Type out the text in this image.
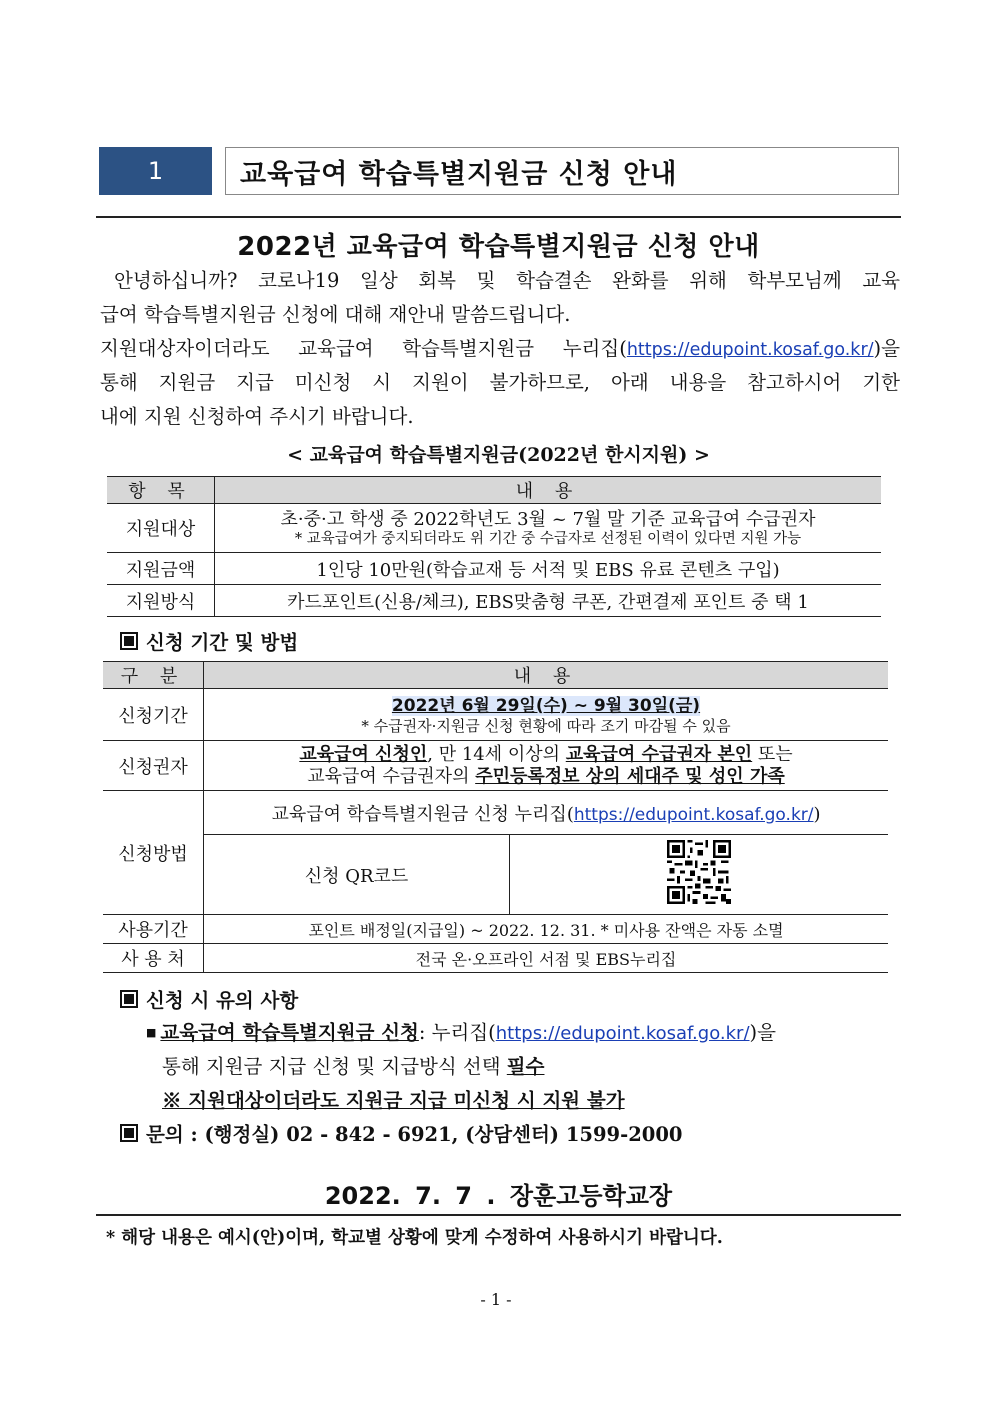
1	교육급여 학습특별지원금 신청 안내
2022년 교육급여 학습특별지원금 신청 안내
안녕하십니까? 코로나19 일상 회복 및 학습결손 완화를 위해 학부모님께 교육
급여 학습특별지원금 신청에 대해 재안내 말씀드립니다.
지원대상자이더라도 교육급여 학습특별지원금 누리집(https://edupoint.kosaf.go.kr/)을
통해 지원금 지급 미신청 시 지원이 불가하므로, 아래 내용을 참고하시어 기한
내에 지원 신청하여 주시기 바랍니다.
< 교육급여 학습특별지원금(2022년 한시지원) >
항 목	내 용
지원대상	초·중·고 학생 중 2022학년도 3월 ~ 7월 말 기준 교육급여 수급권자
* 교육급여가 중지되더라도 위 기간 중 수급자로 선정된 이력이 있다면 지원 가능

지원금액	1인당 10만원(학습교재 등 서적 및 EBS 유료 콘텐츠 구입)
지원방식	카드포인트(신용/체크), EBS맞춤형 쿠폰, 간편결제 포인트 중 택 1
신청 기간 및 방법
구 분	내 용	
신청기간	2022년 6월 29일(수) ~ 9월 30일(금)
* 수급권자·지원금 신청 현황에 따라 조기 마감될 수 있음	

신청권자	교육급여 신청인, 만 14세 이상의 교육급여 수급권자 본인 또는
교육급여 수급권자의 주민등록정보 상의 세대주 및 성인 가족	

신청방법	교육급여 학습특별지원금 신청 누리집(https://edupoint.kosaf.go.kr/)	
	신청 QR코드	
사용기간	포인트 배정일(지급일) ~ 2022. 12. 31. * 미사용 잔액은 자동 소멸	
사 용 처	전국 온·오프라인 서점 및 EBS누리집	
신청 시 유의 사항
■ 교육급여 학습특별지원금 신청: 누리집(https://edupoint.kosaf.go.kr/)을
통해 지원금 지급 신청 및 지급방식 선택 필수
※ 지원대상이더라도 지원금 지급 미신청 시 지원 불가
문의 : (행정실) 02 - 842 - 6921, (상담센터) 1599-2000
2022. 7. 7 . 장훈고등학교장
* 해당 내용은 예시(안)이며, 학교별 상황에 맞게 수정하여 사용하시기 바랍니다.
- 1 -
